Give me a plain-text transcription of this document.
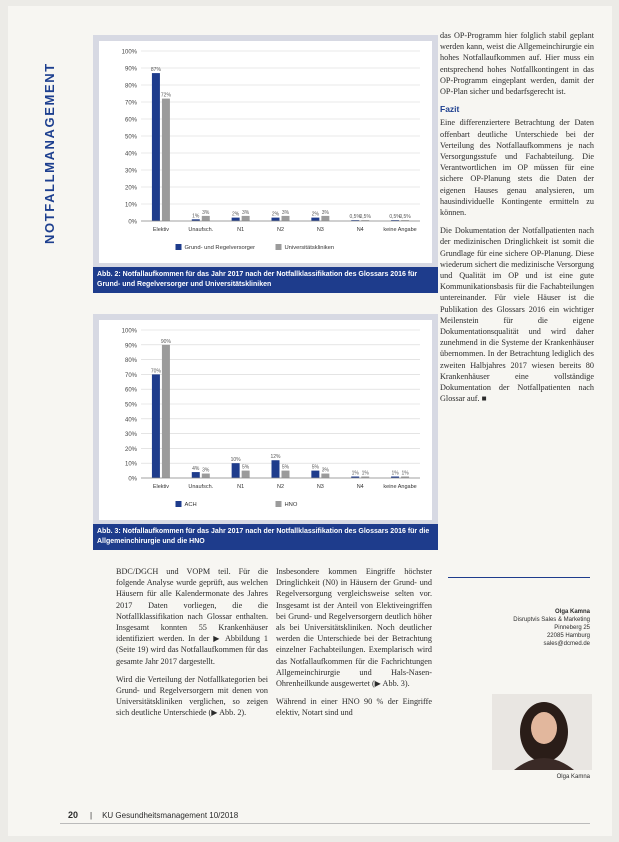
NOTFALLMANAGEMENT	0%
10%
20%
30%
40%
50%
60%
70%
80%
90%
100%
87%
72%
Elektiv
1%
3%
Unaufsch.
2% 3%
N1
2% 3%
N2
2% 3%
N3
0,5%
0,5%
N4
0,5%
0,5%
keine Angabe
Grund- und Regelversorger	Universitätskliniken
Abb. 2: Notfallaufkommen für das Jahr 2017 nach der Notfallklassifikation des Glossars 2016 für Grund- und Regelversorger und Universitätskliniken
0%
10%
20%
30%
40%
50%
60%
70%
80%
90%
100%
70%
90%
Elektiv
4% 3%
Unaufsch.
10%
5%
N1
12%
5%
N2
5% 3%
N3
1% 1%
N4
1% 1%
keine Angabe
ACH	HNO
Abb. 3: Notfallaufkommen für das Jahr 2017 nach der Notfallklassifikation des Glossars 2016 für die Allgemeinchirurgie und die HNO

das OP-Programm hier folglich stabil geplant werden kann, weist die Allgemeinchirurgie ein hohes Notfallaufkommen auf. Hier muss ein entsprechend hohes Notfallkontingent in das OP-Programm eingeplant werden, damit der OP-Plan sicher und bedarfsgerecht ist.

Fazit

Eine differenziertere Betrachtung der Daten offenbart deutliche Unterschiede bei der Verteilung des Notfallaufkommens je nach Versorgungsstufe und Fachabteilung. Die Verantwortlichen im OP müssen für eine sichere OP-Planung stets die Daten der eigenen Hauses genau analysieren, um hausindividuelle Kontingente ermitteln zu können.

Die Dokumentation der Notfallpatienten nach der medizinischen Dringlichkeit ist somit die Grundlage für eine sichere OP-Planung. Diese wiederum sichert die medizinische Versorgung und Qualität im OP und ist eine gute Kommunikationsbasis für die Fachabteilungen untereinander. Für viele Häuser ist die Publikation des Glossars 2016 ein wichtiger Meilenstein für die eigene Dokumentationsqualität und wird daher zunehmend in die Systeme der Krankenhäuser übernommen. In der Betrachtung lediglich des zweiten Halbjahres 2017 wiesen bereits 80 Krankenhäuser eine vollständige Dokumentation der Notfallpatienten nach Glossar auf. ■

BDC/DGCH und VOPM teil. Für die folgende Analyse wurde geprüft, aus welchen Häusern für alle Kalendermonate des Jahres 2017 Daten vorliegen, die die Notfallklassifikation nach Glossar enthalten. Insgesamt konnten 55 Krankenhäuser identifiziert werden. In der ▶ Abbildung 1 (Seite 19) wird das Notfallaufkommen für das gesamte Jahr 2017 dargestellt.

Wird die Verteilung der Notfallkategorien bei Grund- und Regelversorgern mit denen von Universitätskliniken verglichen, so zeigen sich deutliche Unterschiede (▶ Abb. 2).

Insbesondere kommen Eingriffe höchster Dringlichkeit (N0) in Häusern der Grund- und Regelversorgung vergleichsweise selten vor. Insgesamt ist der Anteil von Elektiveingriffen bei Grund- und Regelversorgern deutlich höher als bei Universitätskliniken. Noch deutlicher werden die Unterschiede bei der Betrachtung einzelner Fachabteilungen. Exemplarisch wird das Notfallaufkommen für die Fachrichtungen Allgemeinchirurgie und Hals-Nasen-Ohrenheilkunde ausgewertet (▶ Abb. 3).

Während in einer HNO 90 % der Eingriffe elektiv, Notart sind und

Olga Kamna
Disruptvis Sales & Marketing
Pinneberg 25
22085 Hamburg
sales@dcmed.de
Olga Kamna
20 | KU Gesundheitsmanagement 10/2018
